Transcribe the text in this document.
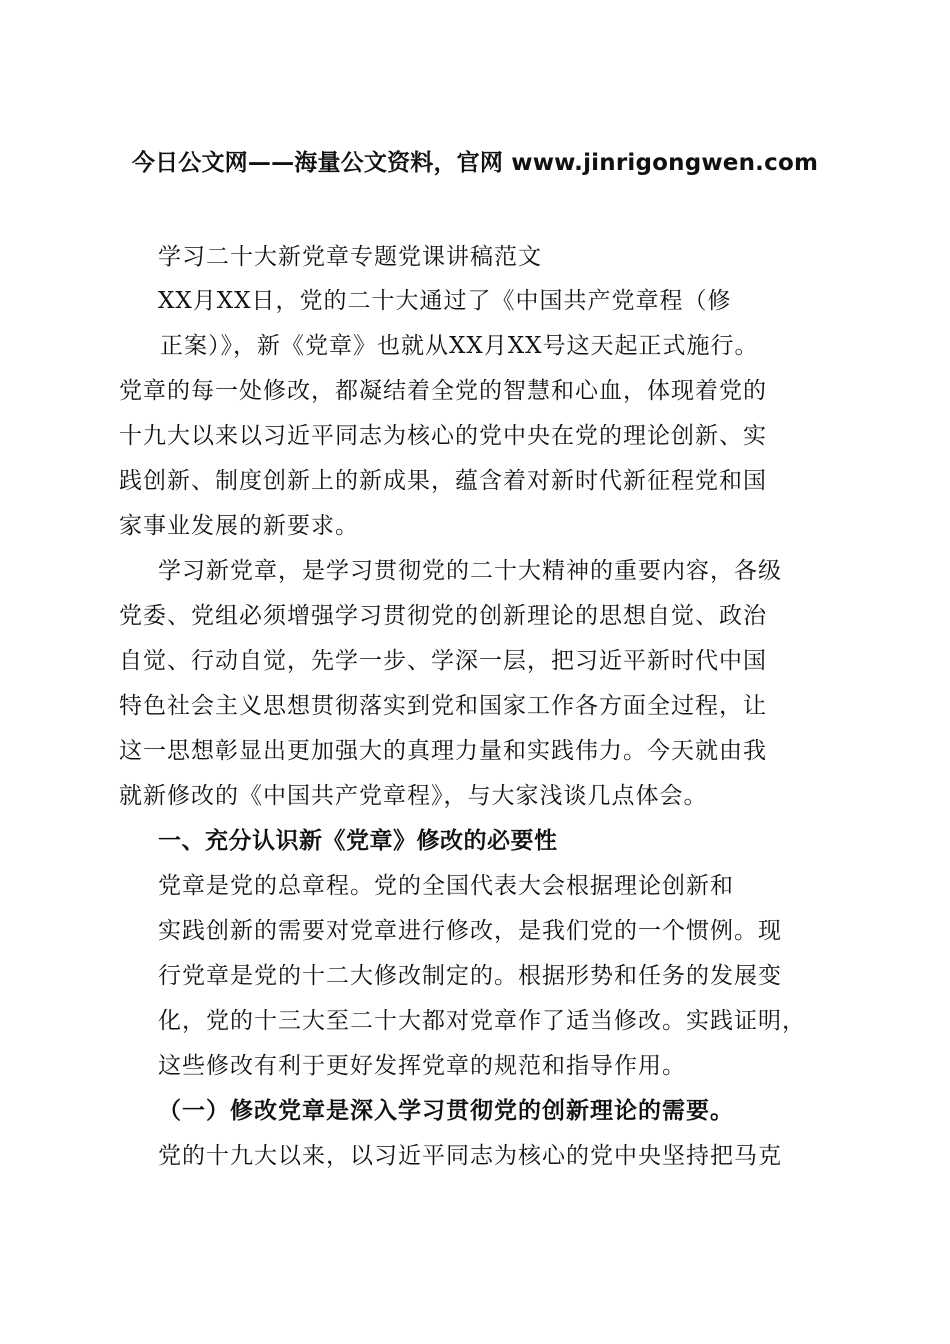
今日公文网——海量公文资料，官网 www.jinrigongwen.com
学习二十大新党章专题党课讲稿范文
XX月XX日，党的二十大通过了《中国共产党章程（修
正案）》，新《党章》也就从XX月XX号这天起正式施行。
党章的每一处修改，都凝结着全党的智慧和心血，体现着党的
十九大以来以习近平同志为核心的党中央在党的理论创新、实
践创新、制度创新上的新成果，蕴含着对新时代新征程党和国
家事业发展的新要求。
学习新党章，是学习贯彻党的二十大精神的重要内容，各级
党委、党组必须增强学习贯彻党的创新理论的思想自觉、政治
自觉、行动自觉，先学一步、学深一层，把习近平新时代中国
特色社会主义思想贯彻落实到党和国家工作各方面全过程，让
这一思想彰显出更加强大的真理力量和实践伟力。今天就由我
就新修改的《中国共产党章程》，与大家浅谈几点体会。
一、充分认识新《党章》修改的必要性
党章是党的总章程。党的全国代表大会根据理论创新和
实践创新的需要对党章进行修改，是我们党的一个惯例。现
行党章是党的十二大修改制定的。根据形势和任务的发展变
化，党的十三大至二十大都对党章作了适当修改。实践证明，
这些修改有利于更好发挥党章的规范和指导作用。
（一）修改党章是深入学习贯彻党的创新理论的需要。
党的十九大以来，以习近平同志为核心的党中央坚持把马克
